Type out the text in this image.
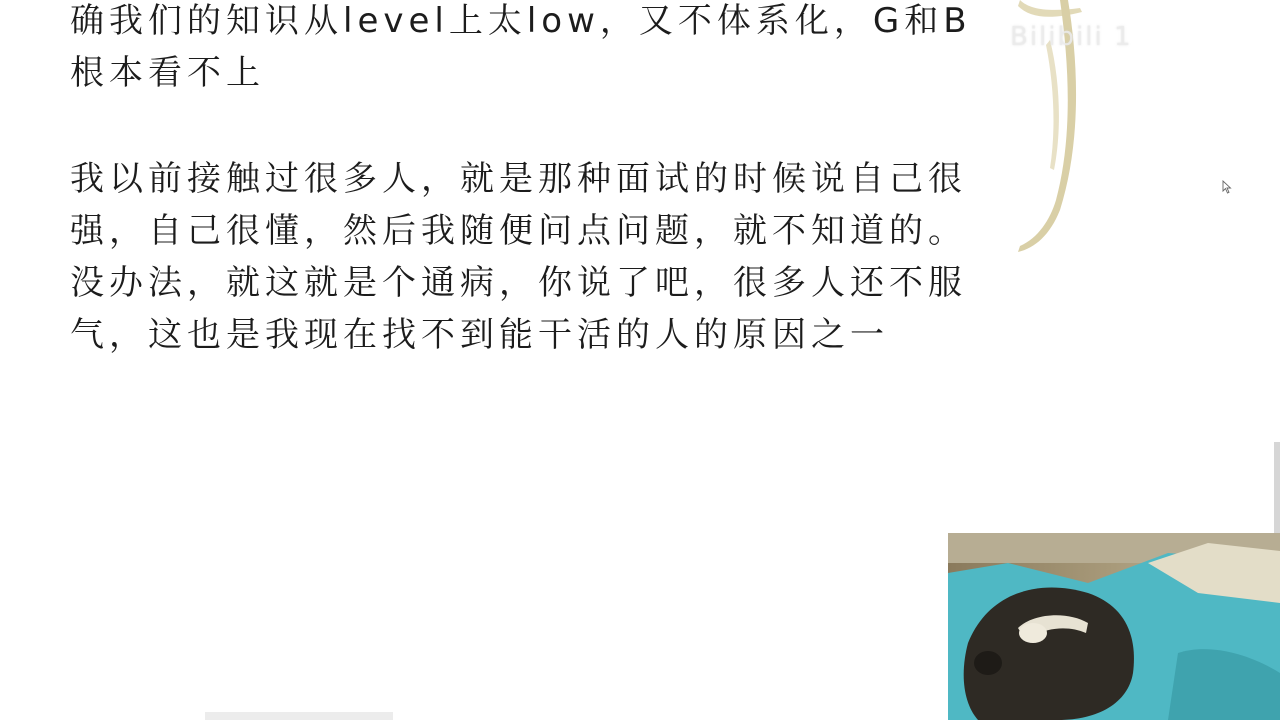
Bilibili 1
确我们的知识从level上太low，又不体系化，G和B
根本看不上
我以前接触过很多人，就是那种面试的时候说自己很
强，自己很懂，然后我随便问点问题，就不知道的。
没办法，就这就是个通病，你说了吧，很多人还不服
气，这也是我现在找不到能干活的人的原因之一
